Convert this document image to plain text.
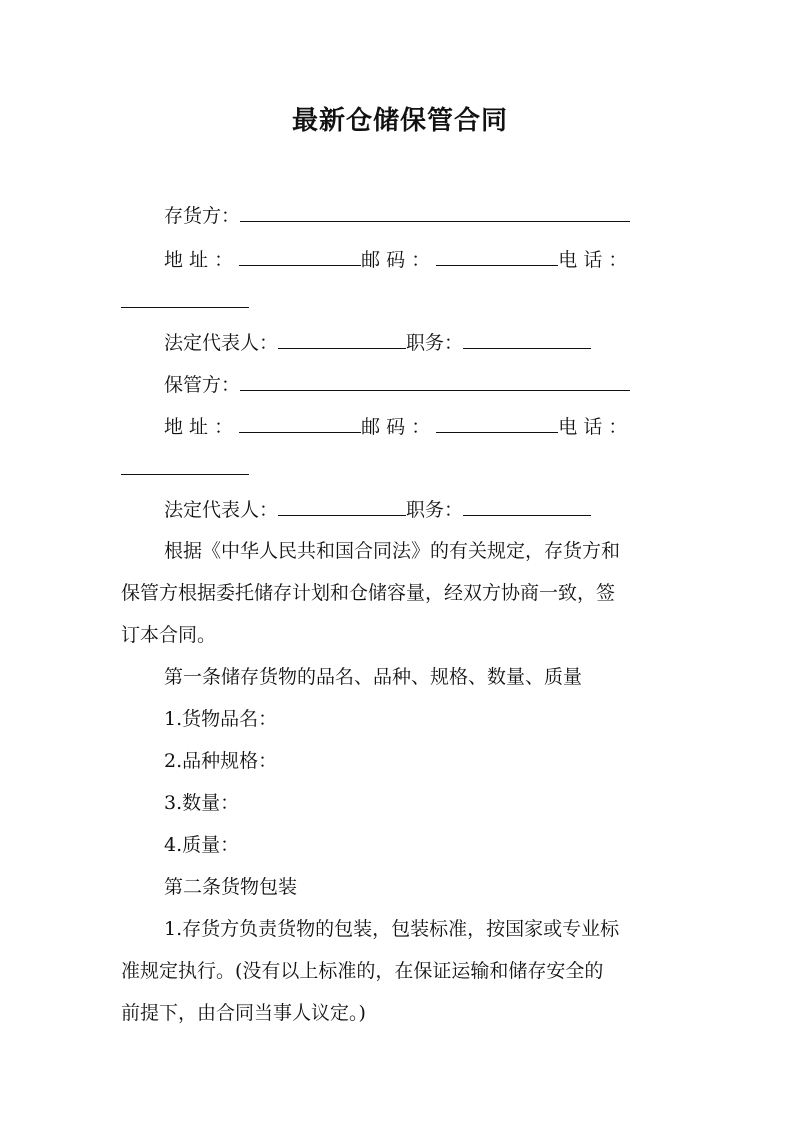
最新仓储保管合同
存货方：
地 址 ：	邮 码 ：	电 话 ：
法定代表人：	职务：
保管方：
地 址 ：	邮 码 ：	电 话 ：
法定代表人：	职务：
根据《中华人民共和国合同法》的有关规定，存货方和
保管方根据委托储存计划和仓储容量，经双方协商一致，签
订本合同。
第一条储存货物的品名、品种、规格、数量、质量
1.货物品名：
2.品种规格：
3.数量：
4.质量：
第二条货物包装
1.存货方负责货物的包装，包装标准，按国家或专业标
准规定执行。(没有以上标准的，在保证运输和储存安全的
前提下，由合同当事人议定。)
